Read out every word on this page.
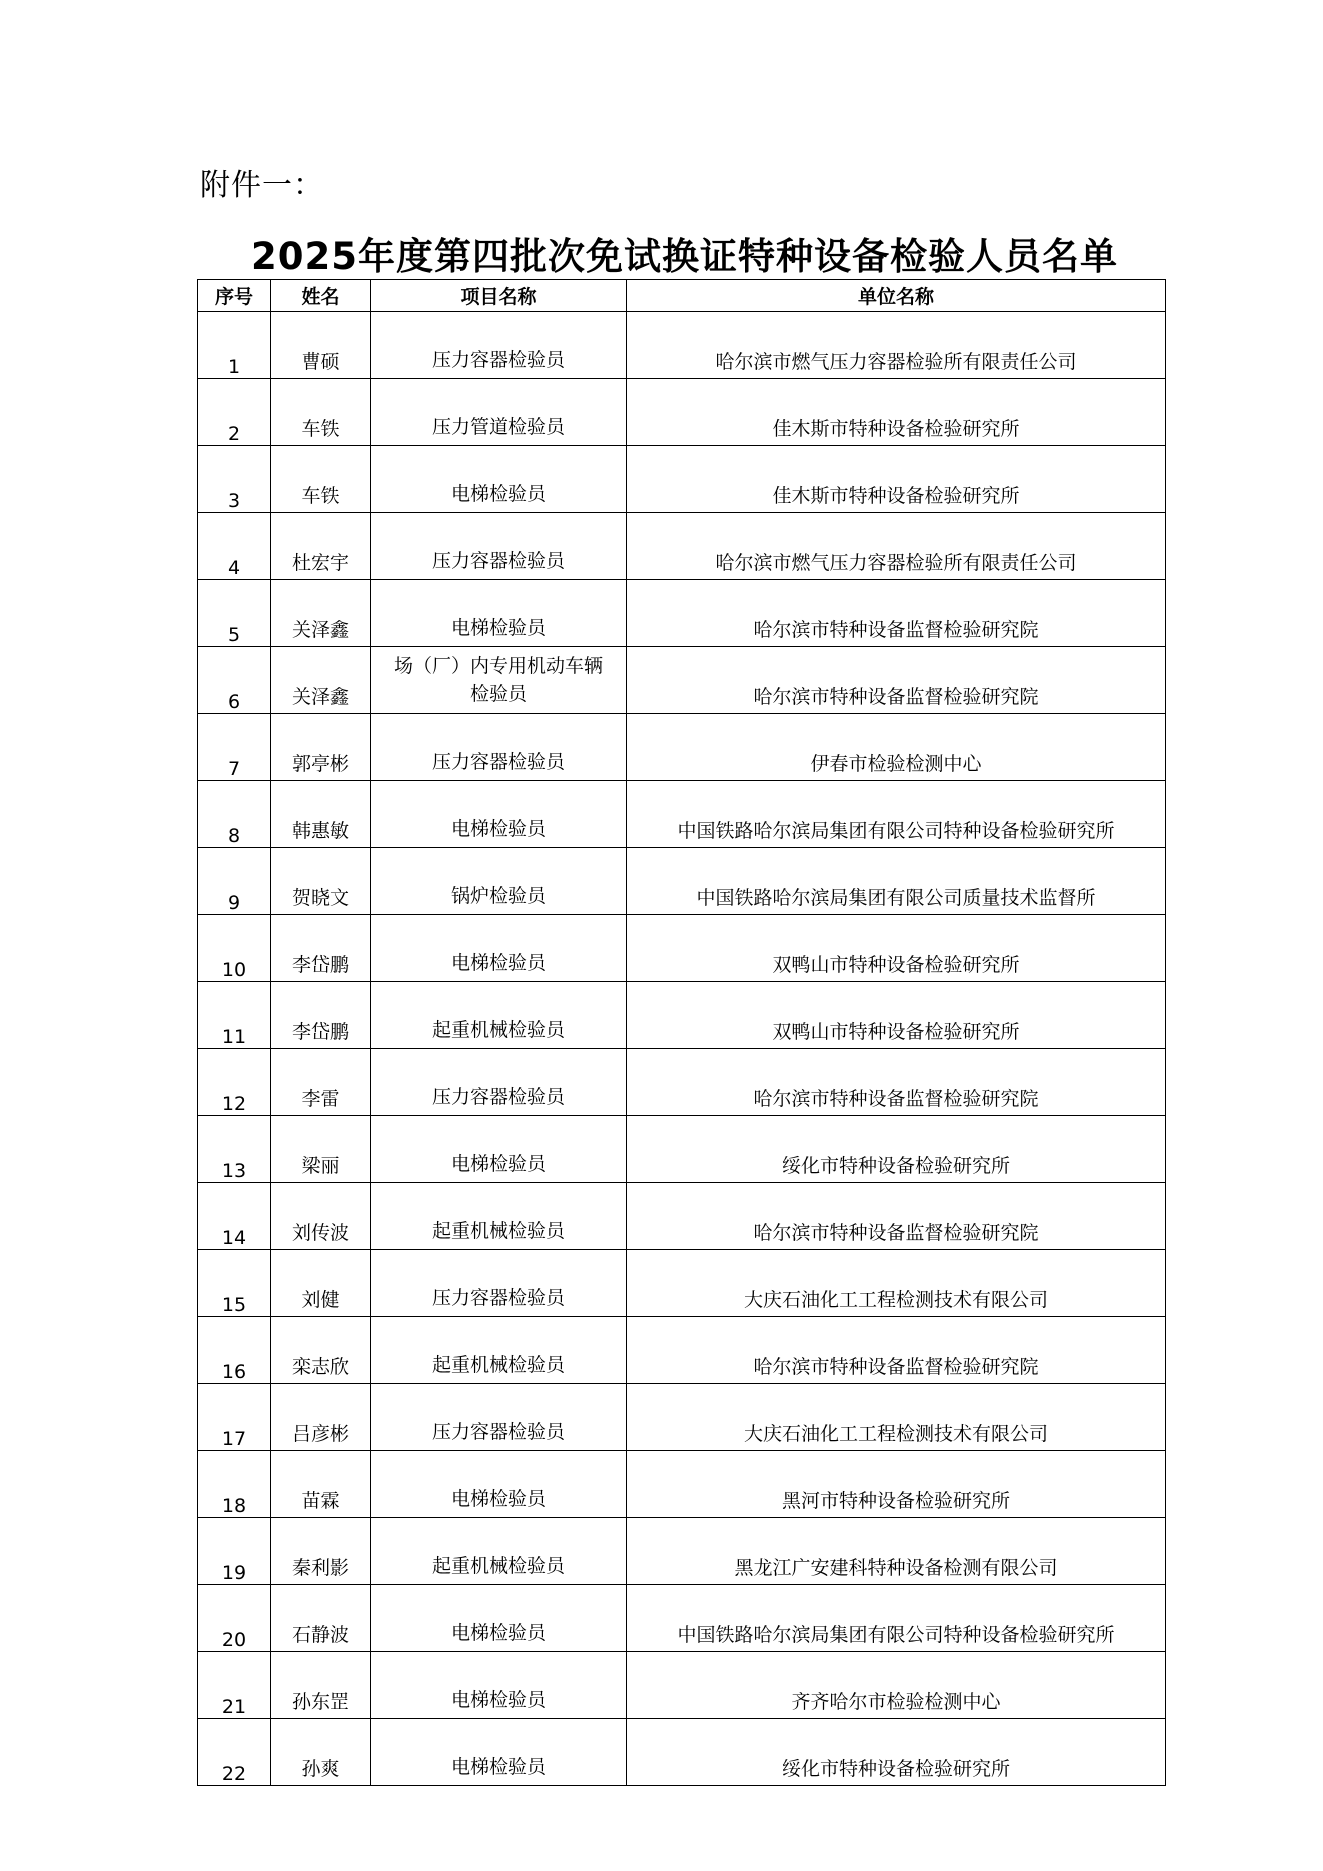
附件一：
2025年度第四批次免试换证特种设备检验人员名单
序号	姓名	项目名称	单位名称
1	曹硕	压力容器检验员	哈尔滨市燃气压力容器检验所有限责任公司
2	车铁	压力管道检验员	佳木斯市特种设备检验研究所
3	车铁	电梯检验员	佳木斯市特种设备检验研究所
4	杜宏宇	压力容器检验员	哈尔滨市燃气压力容器检验所有限责任公司
5	关泽鑫	电梯检验员	哈尔滨市特种设备监督检验研究院
6	关泽鑫	场（厂）内专用机动车辆检验员	哈尔滨市特种设备监督检验研究院
7	郭亭彬	压力容器检验员	伊春市检验检测中心
8	韩惠敏	电梯检验员	中国铁路哈尔滨局集团有限公司特种设备检验研究所
9	贺晓文	锅炉检验员	中国铁路哈尔滨局集团有限公司质量技术监督所
10	李岱鹏	电梯检验员	双鸭山市特种设备检验研究所
11	李岱鹏	起重机械检验员	双鸭山市特种设备检验研究所
12	李雷	压力容器检验员	哈尔滨市特种设备监督检验研究院
13	梁丽	电梯检验员	绥化市特种设备检验研究所
14	刘传波	起重机械检验员	哈尔滨市特种设备监督检验研究院
15	刘健	压力容器检验员	大庆石油化工工程检测技术有限公司
16	栾志欣	起重机械检验员	哈尔滨市特种设备监督检验研究院
17	吕彦彬	压力容器检验员	大庆石油化工工程检测技术有限公司
18	苗霖	电梯检验员	黑河市特种设备检验研究所
19	秦利影	起重机械检验员	黑龙江广安建科特种设备检测有限公司
20	石静波	电梯检验员	中国铁路哈尔滨局集团有限公司特种设备检验研究所
21	孙东罡	电梯检验员	齐齐哈尔市检验检测中心
22	孙爽	电梯检验员	绥化市特种设备检验研究所
